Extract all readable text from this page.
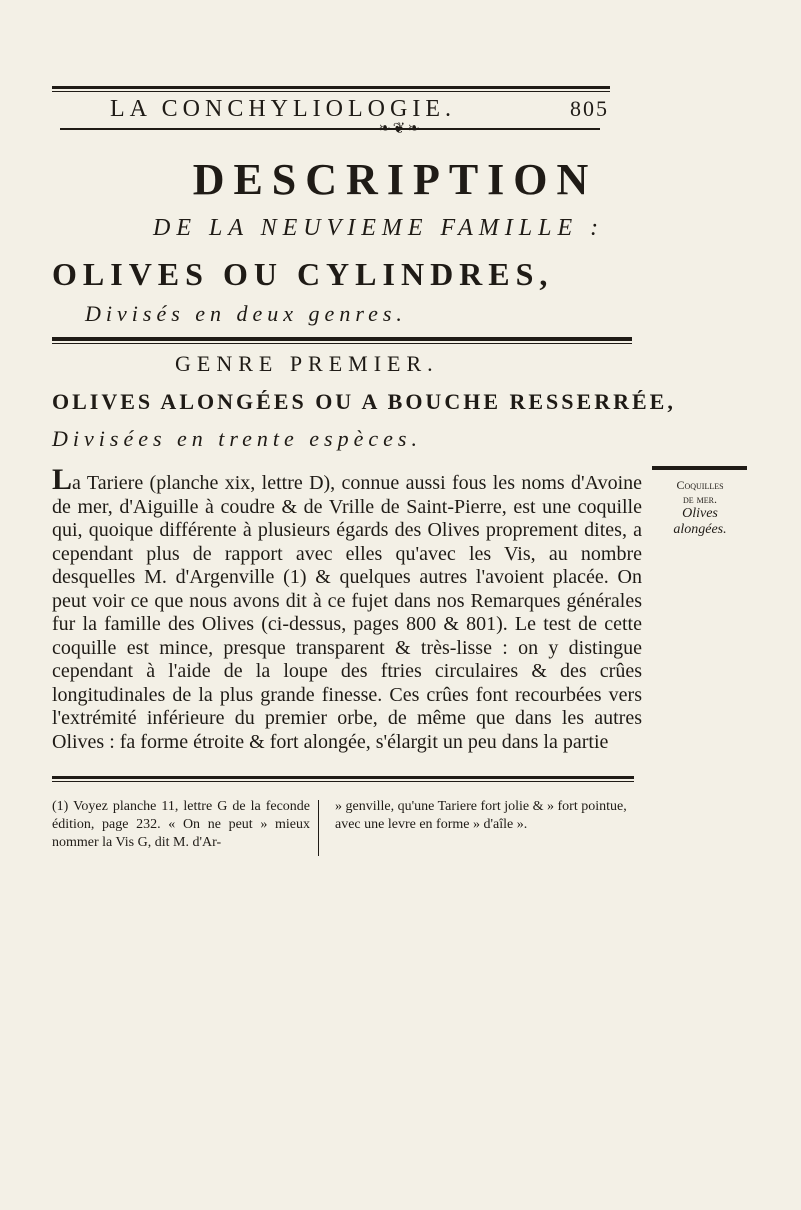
LA CONCHYLIOLOGIE.	805
❧❦❧
DESCRIPTION
DE LA NEUVIEME FAMILLE :
OLIVES OU CYLINDRES,
Divisés en deux genres.
GENRE PREMIER.
OLIVES ALONGÉES OU A BOUCHE RESSERRÉE,
Divisées en trente espèces.
Coquilles
de mer.
Olives
alongées.
La Tariere (planche xix, lettre D), connue aussi fous les noms d'Avoine de mer, d'Aiguille à coudre & de Vrille de Saint-Pierre, est une coquille qui, quoique différente à plusieurs égards des Olives proprement dites, a cependant plus de rapport avec elles qu'avec les Vis, au nombre desquelles M. d'Argenville (1) & quelques autres l'avoient placée. On peut voir ce que nous avons dit à ce fujet dans nos Remarques générales fur la famille des Olives (ci-dessus, pages 800 & 801). Le test de cette coquille est mince, presque transparent & très-lisse : on y distingue cependant à l'aide de la loupe des ftries circulaires & des crûes longitudinales de la plus grande finesse. Ces crûes font recourbées vers l'extrémité inférieure du premier orbe, de même que dans les autres Olives : fa forme étroite & fort alongée, s'élargit un peu dans la partie
(1) Voyez planche 11, lettre G de la feconde édition, page 232. « On ne peut » mieux nommer la Vis G, dit M. d'Ar-
» genville, qu'une Tariere fort jolie & » fort pointue, avec une levre en forme » d'aîle ».
